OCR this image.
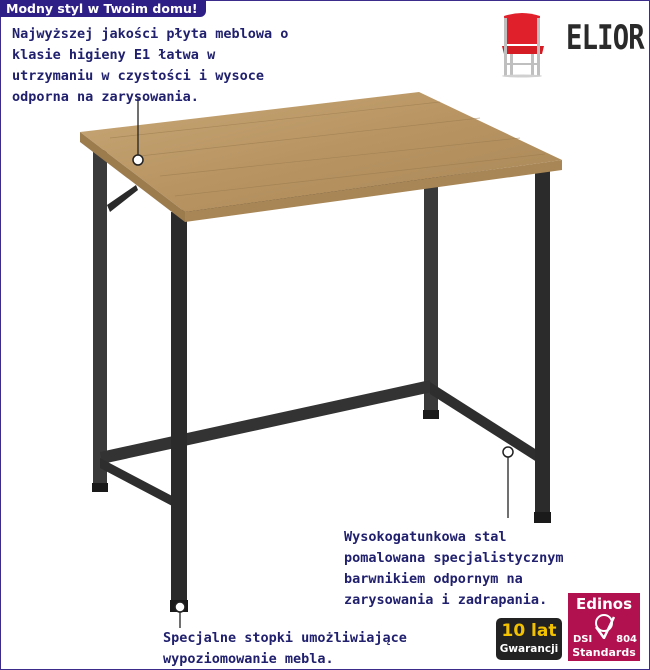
Modny styl w Twoim domu!
ELIOR
Najwyższej jakości płyta meblowa o
klasie higieny E1 łatwa w
utrzymaniu w czystości i wysoce
odporna na zarysowania.
Wysokogatunkowa stal
pomalowana specjalistycznym
barwnikiem odpornym na
zarysowania i zadrapania.
Specjalne stopki umożliwiające
wypoziomowanie mebla.
10 lat
Gwarancji
Edinos
DSI 804
Standards
